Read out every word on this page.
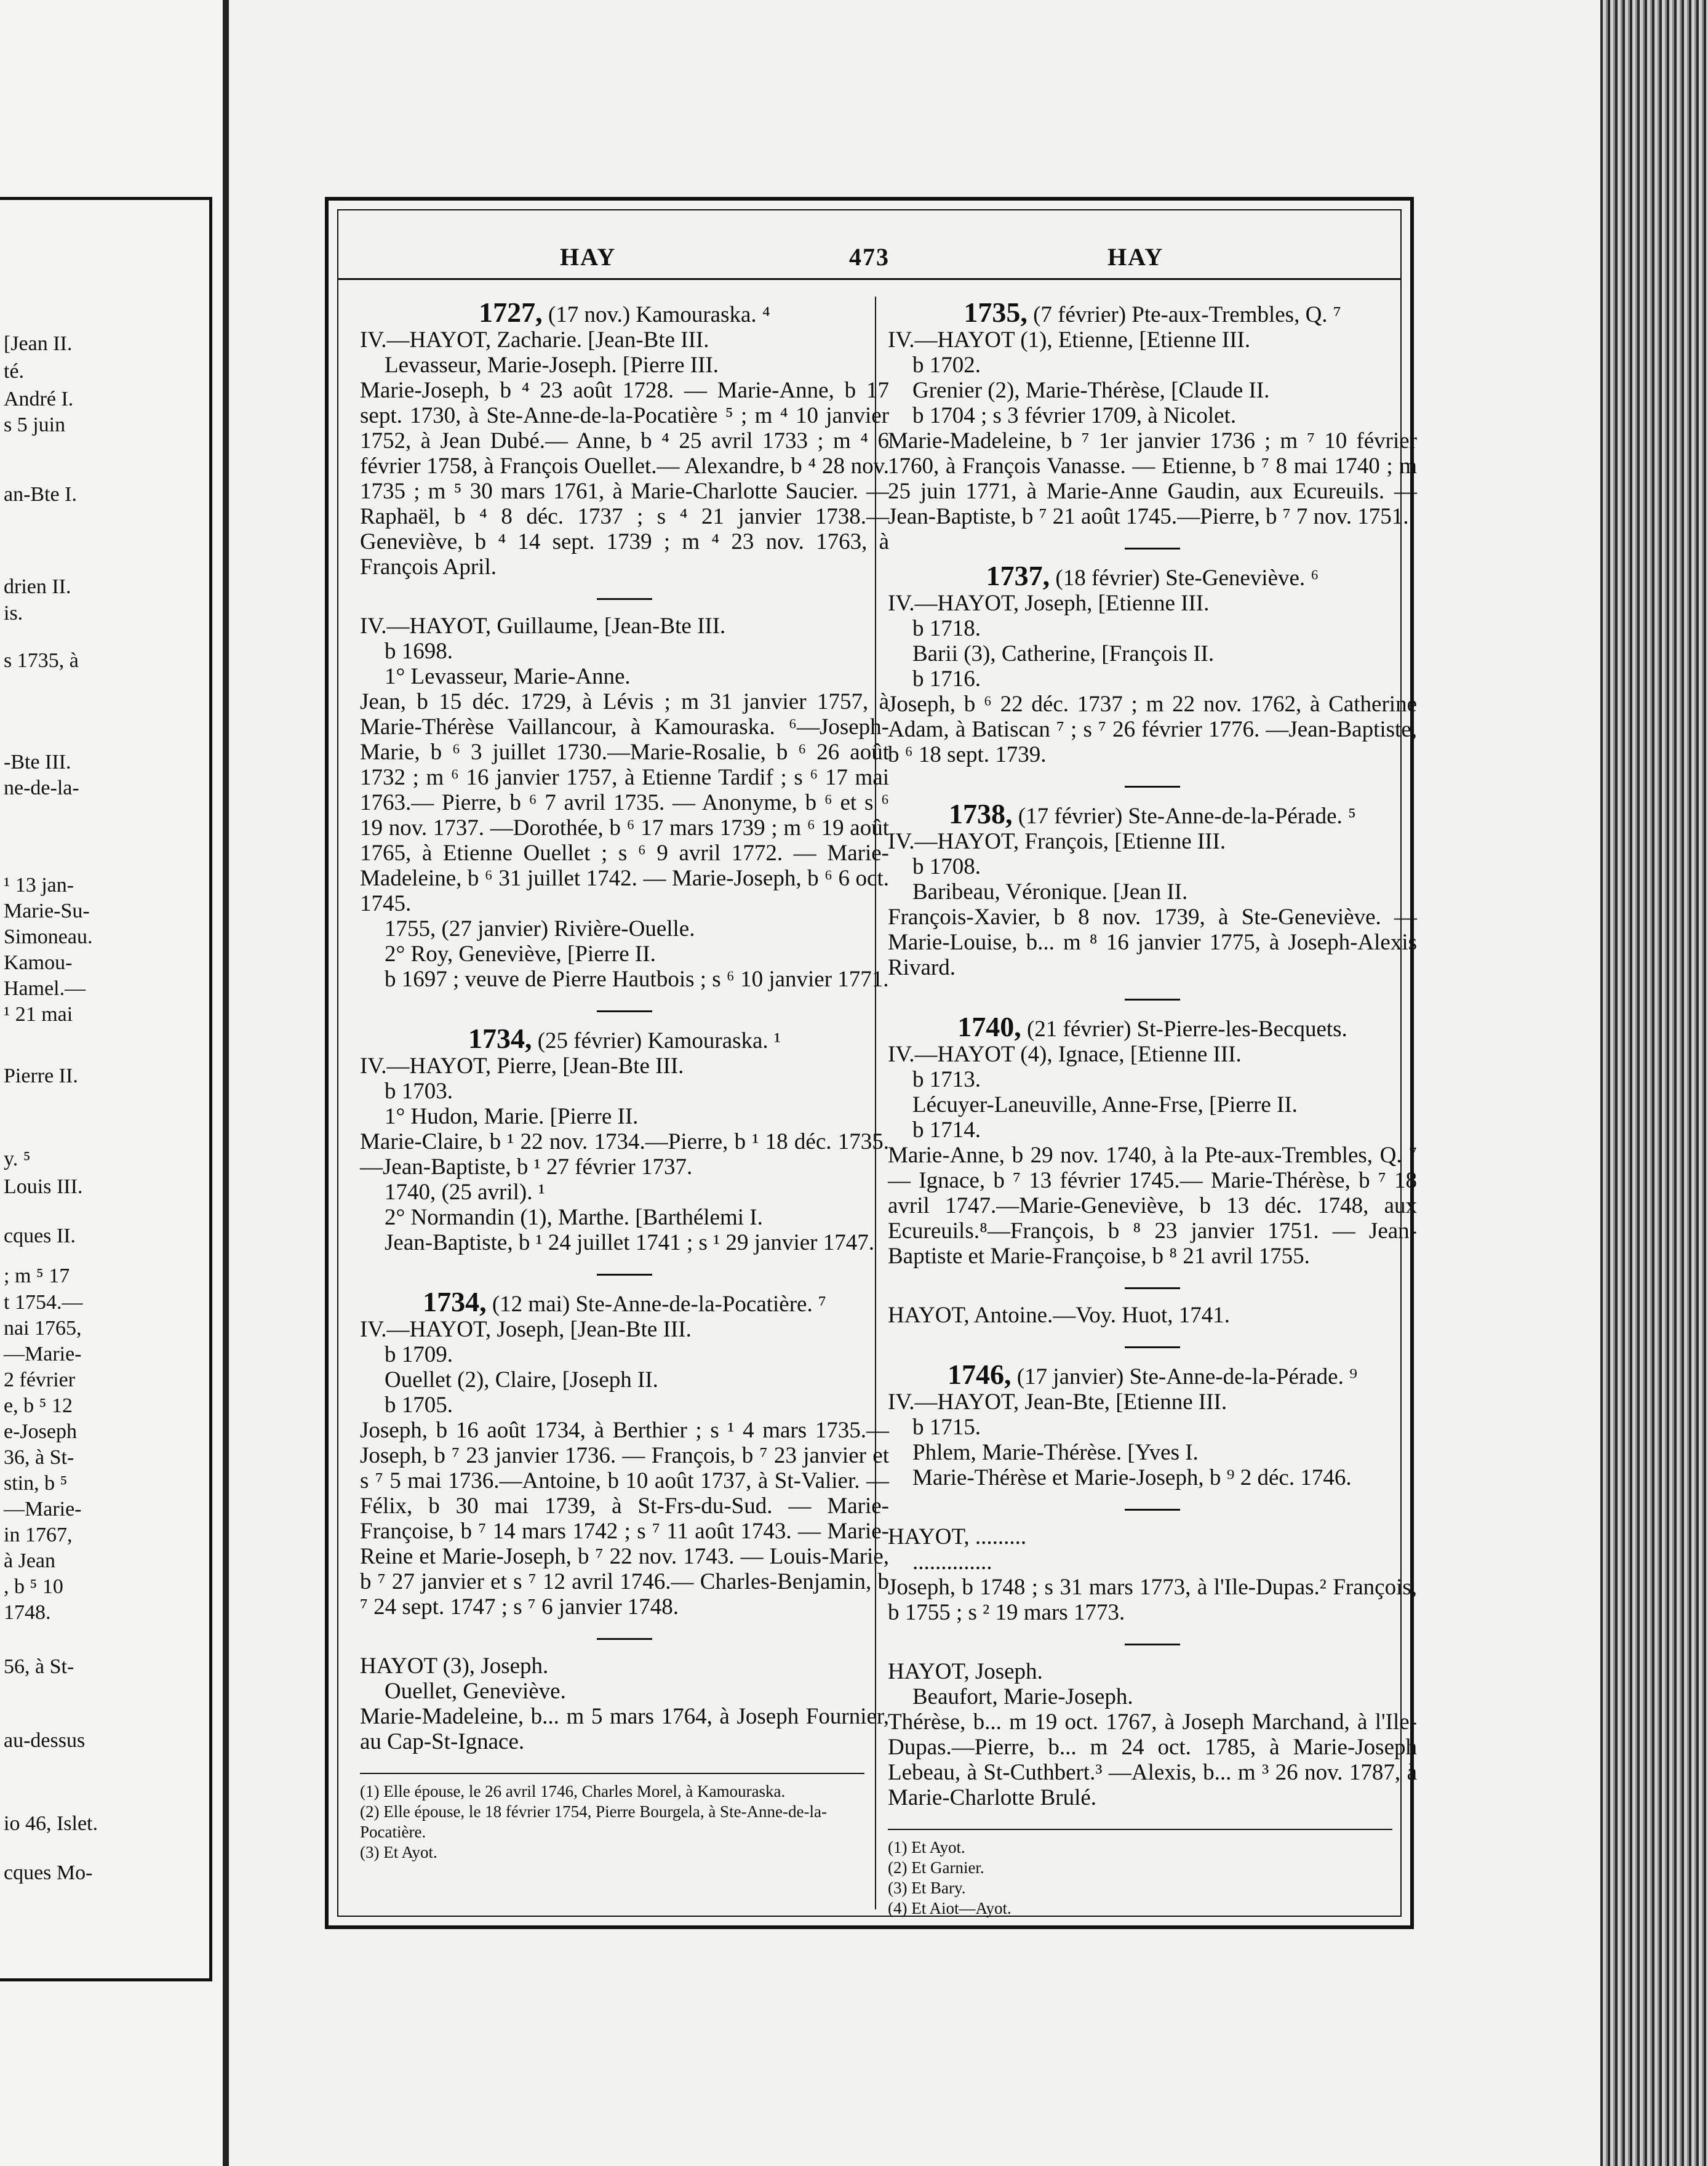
[Jean II.
té.
André I.
s 5 juin
an-Bte I.
drien II.
is.
s 1735, à
-Bte III.
ne-de-la-
¹ 13 jan-
Marie-Su-
Simoneau.
Kamou-
Hamel.—
¹ 21 mai
Pierre II.
y. ⁵
Louis III.
cques II.
; m ⁵ 17
t 1754.—
nai 1765,
—Marie-
2 février
e, b ⁵ 12
e-Joseph
36, à St-
stin, b ⁵
—Marie-
in 1767,
à Jean
, b ⁵ 10
1748.
56, à St-
au-dessus
io 46, Islet.
cques Mo-
HAY	473	HAY
1727, (17 nov.) Kamouraska. ⁴
IV.—HAYOT, Zacharie. [Jean-Bte III.
Levasseur, Marie-Joseph. [Pierre III.
Marie-Joseph, b ⁴ 23 août 1728. — Marie-Anne, b 17 sept. 1730, à Ste-Anne-de-la-Pocatière ⁵ ; m ⁴ 10 janvier 1752, à Jean Dubé.— Anne, b ⁴ 25 avril 1733 ; m ⁴ 6 février 1758, à François Ouellet.— Alexandre, b ⁴ 28 nov. 1735 ; m ⁵ 30 mars 1761, à Marie-Charlotte Saucier. — Raphaël, b ⁴ 8 déc. 1737 ; s ⁴ 21 janvier 1738.—Geneviève, b ⁴ 14 sept. 1739 ; m ⁴ 23 nov. 1763, à François April.
IV.—HAYOT, Guillaume, [Jean-Bte III.
b 1698.
1° Levasseur, Marie-Anne.
Jean, b 15 déc. 1729, à Lévis ; m 31 janvier 1757, à Marie-Thérèse Vaillancour, à Kamouraska. ⁶—Joseph-Marie, b ⁶ 3 juillet 1730.—Marie-Rosalie, b ⁶ 26 août 1732 ; m ⁶ 16 janvier 1757, à Etienne Tardif ; s ⁶ 17 mai 1763.— Pierre, b ⁶ 7 avril 1735. — Anonyme, b ⁶ et s ⁶ 19 nov. 1737. —Dorothée, b ⁶ 17 mars 1739 ; m ⁶ 19 août 1765, à Etienne Ouellet ; s ⁶ 9 avril 1772. — Marie-Madeleine, b ⁶ 31 juillet 1742. — Marie-Joseph, b ⁶ 6 oct. 1745.
1755, (27 janvier) Rivière-Ouelle.
2° Roy, Geneviève, [Pierre II.
b 1697 ; veuve de Pierre Hautbois ; s ⁶ 10 janvier 1771.
1734, (25 février) Kamouraska. ¹
IV.—HAYOT, Pierre, [Jean-Bte III.
b 1703.
1° Hudon, Marie. [Pierre II.
Marie-Claire, b ¹ 22 nov. 1734.—Pierre, b ¹ 18 déc. 1735.—Jean-Baptiste, b ¹ 27 février 1737.
1740, (25 avril). ¹
2° Normandin (1), Marthe. [Barthélemi I.
Jean-Baptiste, b ¹ 24 juillet 1741 ; s ¹ 29 janvier 1747.
1734, (12 mai) Ste-Anne-de-la-Pocatière. ⁷
IV.—HAYOT, Joseph, [Jean-Bte III.
b 1709.
Ouellet (2), Claire, [Joseph II.
b 1705.
Joseph, b 16 août 1734, à Berthier ; s ¹ 4 mars 1735.— Joseph, b ⁷ 23 janvier 1736. — François, b ⁷ 23 janvier et s ⁷ 5 mai 1736.—Antoine, b 10 août 1737, à St-Valier. — Félix, b 30 mai 1739, à St-Frs-du-Sud. — Marie-Françoise, b ⁷ 14 mars 1742 ; s ⁷ 11 août 1743. — Marie-Reine et Marie-Joseph, b ⁷ 22 nov. 1743. — Louis-Marie, b ⁷ 27 janvier et s ⁷ 12 avril 1746.— Charles-Benjamin, b ⁷ 24 sept. 1747 ; s ⁷ 6 janvier 1748.
HAYOT (3), Joseph.
Ouellet, Geneviève.
Marie-Madeleine, b... m 5 mars 1764, à Joseph Fournier, au Cap-St-Ignace.
(1) Elle épouse, le 26 avril 1746, Charles Morel, à Kamouraska.
(2) Elle épouse, le 18 février 1754, Pierre Bourgela, à Ste-Anne-de-la-Pocatière.
(3) Et Ayot.
1735, (7 février) Pte-aux-Trembles, Q. ⁷
IV.—HAYOT (1), Etienne, [Etienne III.
b 1702.
Grenier (2), Marie-Thérèse, [Claude II.
b 1704 ; s 3 février 1709, à Nicolet.
Marie-Madeleine, b ⁷ 1er janvier 1736 ; m ⁷ 10 février 1760, à François Vanasse. — Etienne, b ⁷ 8 mai 1740 ; m 25 juin 1771, à Marie-Anne Gaudin, aux Ecureuils. — Jean-Baptiste, b ⁷ 21 août 1745.—Pierre, b ⁷ 7 nov. 1751.
1737, (18 février) Ste-Geneviève. ⁶
IV.—HAYOT, Joseph, [Etienne III.
b 1718.
Barii (3), Catherine, [François II.
b 1716.
Joseph, b ⁶ 22 déc. 1737 ; m 22 nov. 1762, à Catherine Adam, à Batiscan ⁷ ; s ⁷ 26 février 1776. —Jean-Baptiste, b ⁶ 18 sept. 1739.
1738, (17 février) Ste-Anne-de-la-Pérade. ⁵
IV.—HAYOT, François, [Etienne III.
b 1708.
Baribeau, Véronique. [Jean II.
François-Xavier, b 8 nov. 1739, à Ste-Geneviève. — Marie-Louise, b... m ⁸ 16 janvier 1775, à Joseph-Alexis Rivard.
1740, (21 février) St-Pierre-les-Becquets.
IV.—HAYOT (4), Ignace, [Etienne III.
b 1713.
Lécuyer-Laneuville, Anne-Frse, [Pierre II.
b 1714.
Marie-Anne, b 29 nov. 1740, à la Pte-aux-Trembles, Q. ⁷ — Ignace, b ⁷ 13 février 1745.— Marie-Thérèse, b ⁷ 18 avril 1747.—Marie-Geneviève, b 13 déc. 1748, aux Ecureuils.⁸—François, b ⁸ 23 janvier 1751. — Jean-Baptiste et Marie-Françoise, b ⁸ 21 avril 1755.
HAYOT, Antoine.—Voy. Huot, 1741.
1746, (17 janvier) Ste-Anne-de-la-Pérade. ⁹
IV.—HAYOT, Jean-Bte, [Etienne III.
b 1715.
Phlem, Marie-Thérèse. [Yves I.
Marie-Thérèse et Marie-Joseph, b ⁹ 2 déc. 1746.
HAYOT, .........
..............
Joseph, b 1748 ; s 31 mars 1773, à l'Ile-Dupas.² François, b 1755 ; s ² 19 mars 1773.
HAYOT, Joseph.
Beaufort, Marie-Joseph.
Thérèse, b... m 19 oct. 1767, à Joseph Marchand, à l'Ile-Dupas.—Pierre, b... m 24 oct. 1785, à Marie-Joseph Lebeau, à St-Cuthbert.³ —Alexis, b... m ³ 26 nov. 1787, à Marie-Charlotte Brulé.
(1) Et Ayot.
(2) Et Garnier.
(3) Et Bary.
(4) Et Aiot—Ayot.
